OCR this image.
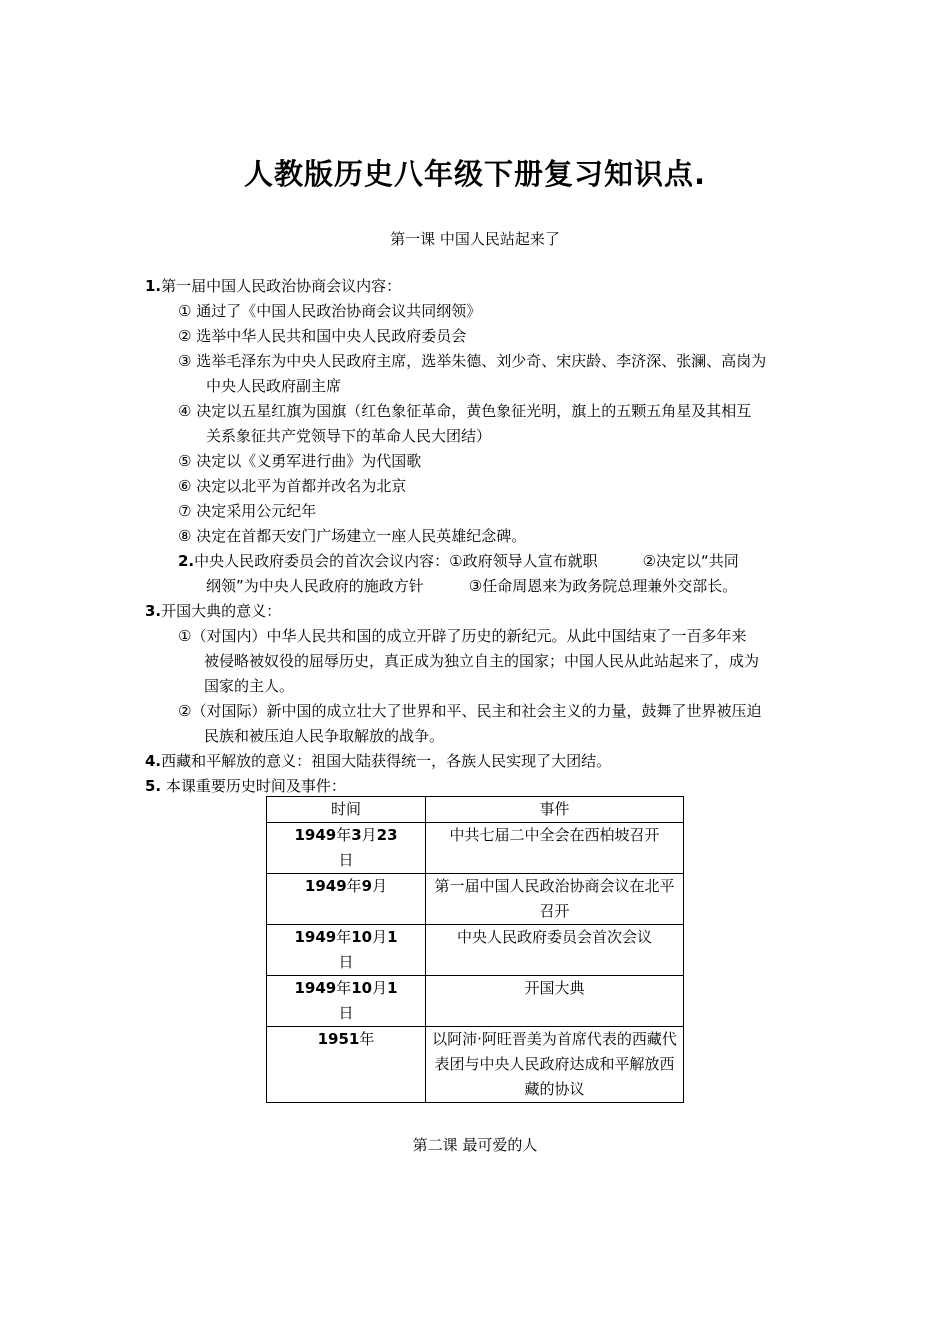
人教版历史八年级下册复习知识点.
第一课 中国人民站起来了
1.第一届中国人民政治协商会议内容：
① 通过了《中国人民政治协商会议共同纲领》
② 选举中华人民共和国中央人民政府委员会
③ 选举毛泽东为中央人民政府主席，选举朱德、刘少奇、宋庆龄、李济深、张澜、高岗为
中央人民政府副主席
④ 决定以五星红旗为国旗（红色象征革命，黄色象征光明，旗上的五颗五角星及其相互
关系象征共产党领导下的革命人民大团结）
⑤ 决定以《义勇军进行曲》为代国歌
⑥ 决定以北平为首都并改名为北京
⑦ 决定采用公元纪年
⑧ 决定在首都天安门广场建立一座人民英雄纪念碑。
2.中央人民政府委员会的首次会议内容：①政府领导人宣布就职　　　②决定以“共同
纲领”为中央人民政府的施政方针　　　③任命周恩来为政务院总理兼外交部长。
3.开国大典的意义：
①（对国内）中华人民共和国的成立开辟了历史的新纪元。从此中国结束了一百多年来
被侵略被奴役的屈辱历史，真正成为独立自主的国家；中国人民从此站起来了，成为
国家的主人。
②（对国际）新中国的成立壮大了世界和平、民主和社会主义的力量，鼓舞了世界被压迫
民族和被压迫人民争取解放的战争。
4.西藏和平解放的意义：祖国大陆获得统一，各族人民实现了大团结。
5. 本课重要历史时间及事件：
时间	事件
1949年3月23
日	中共七届二中全会在西柏坡召开
1949年9月	第一届中国人民政治协商会议在北平召开
1949年10月1
日	中央人民政府委员会首次会议
1949年10月1
日	开国大典
1951年	以阿沛·阿旺晋美为首席代表的西藏代表团与中央人民政府达成和平解放西藏的协议
第二课 最可爱的人
